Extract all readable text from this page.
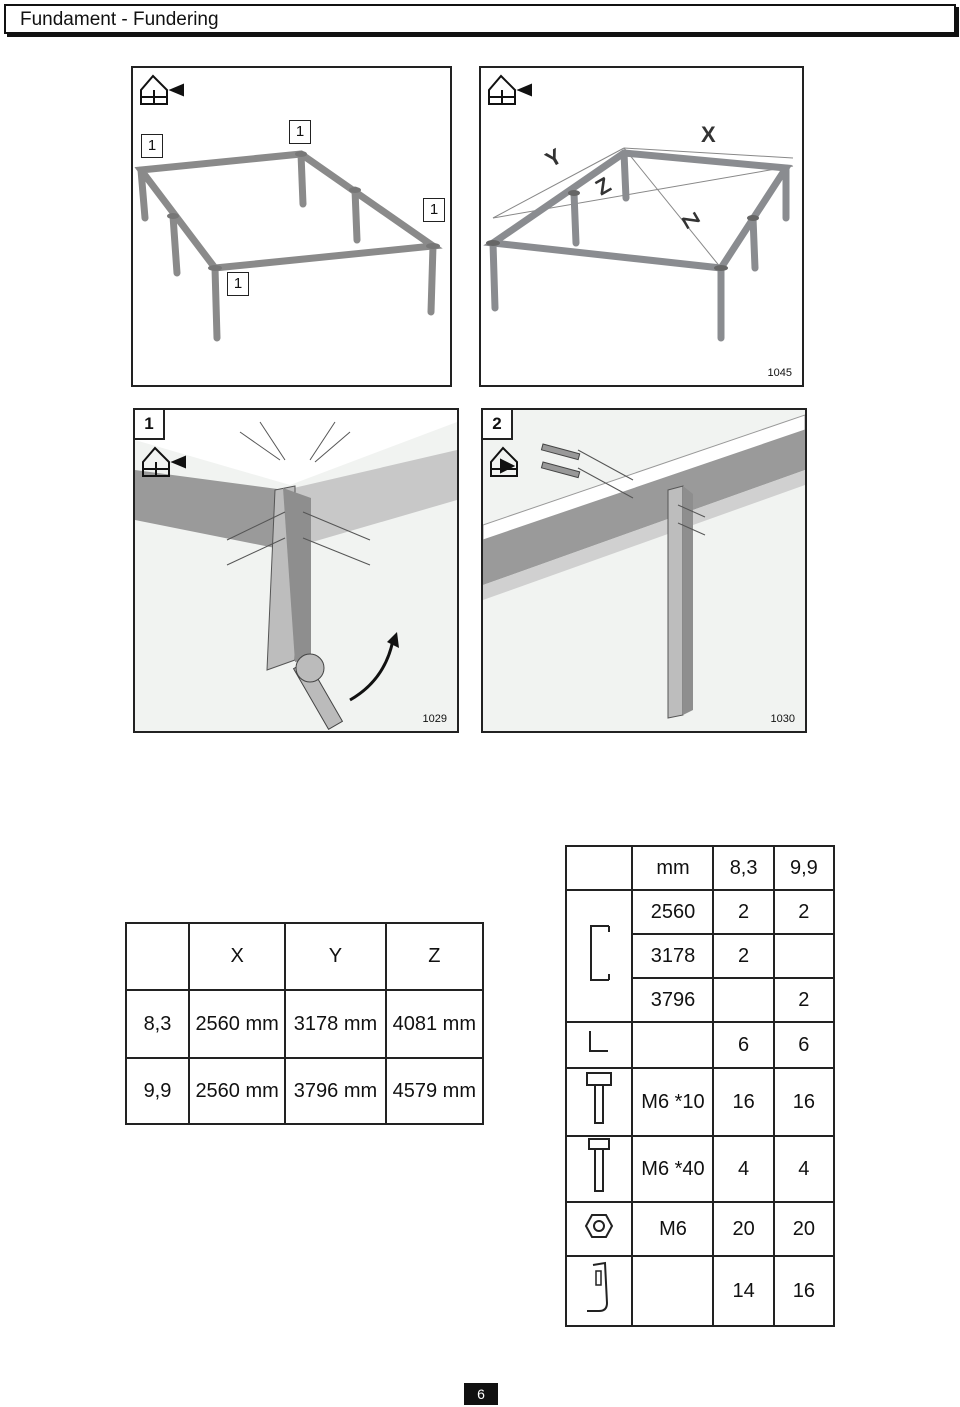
Fundament - Fundering
1
1
1
1
Y
Z
Z
X
1045
1
1029
2
1030
	X	Y	Z
8,3	2560 mm	3178 mm	4081 mm
9,9	2560 mm	3796 mm	4579 mm
	mm	8,3	9,9
	2560	2	2
	3178	2	
	3796		2
		6	6
	M6 *10	16	16
	M6 *40	4	4
	M6	20	20
		14	16
6
